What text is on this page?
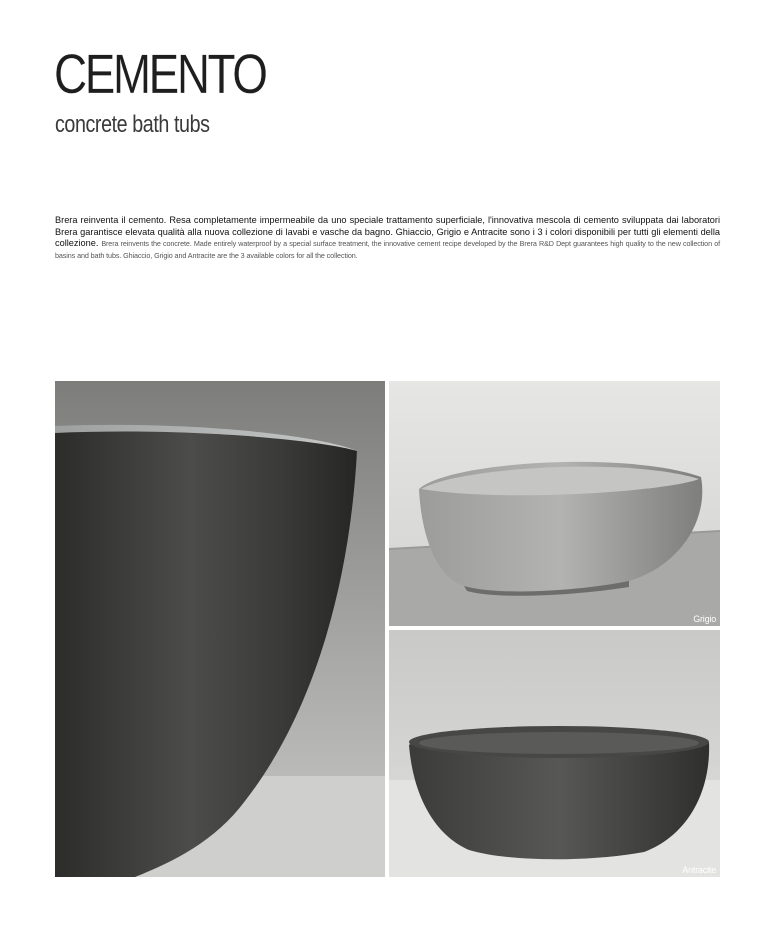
CEMENTO
concrete bath tubs

Brera reinventa il cemento. Resa completamente impermeabile da uno speciale trattamento superficiale, l'innovativa mescola di cemento sviluppata dai laboratori Brera garantisce elevata qualità alla nuova collezione di lavabi e vasche da bagno. Ghiaccio, Grigio e Antracite sono i 3 i colori disponibili per tutti gli elementi della collezione. Brera reinvents the concrete. Made entirely waterproof by a special surface treatment, the innovative cement recipe developed by the Brera R&D Dept guarantees high quality to the new collection of basins and bath tubs. Ghiaccio, Grigio and Antracite are the 3 available colors for all the collection.

Grigio
Antracite
